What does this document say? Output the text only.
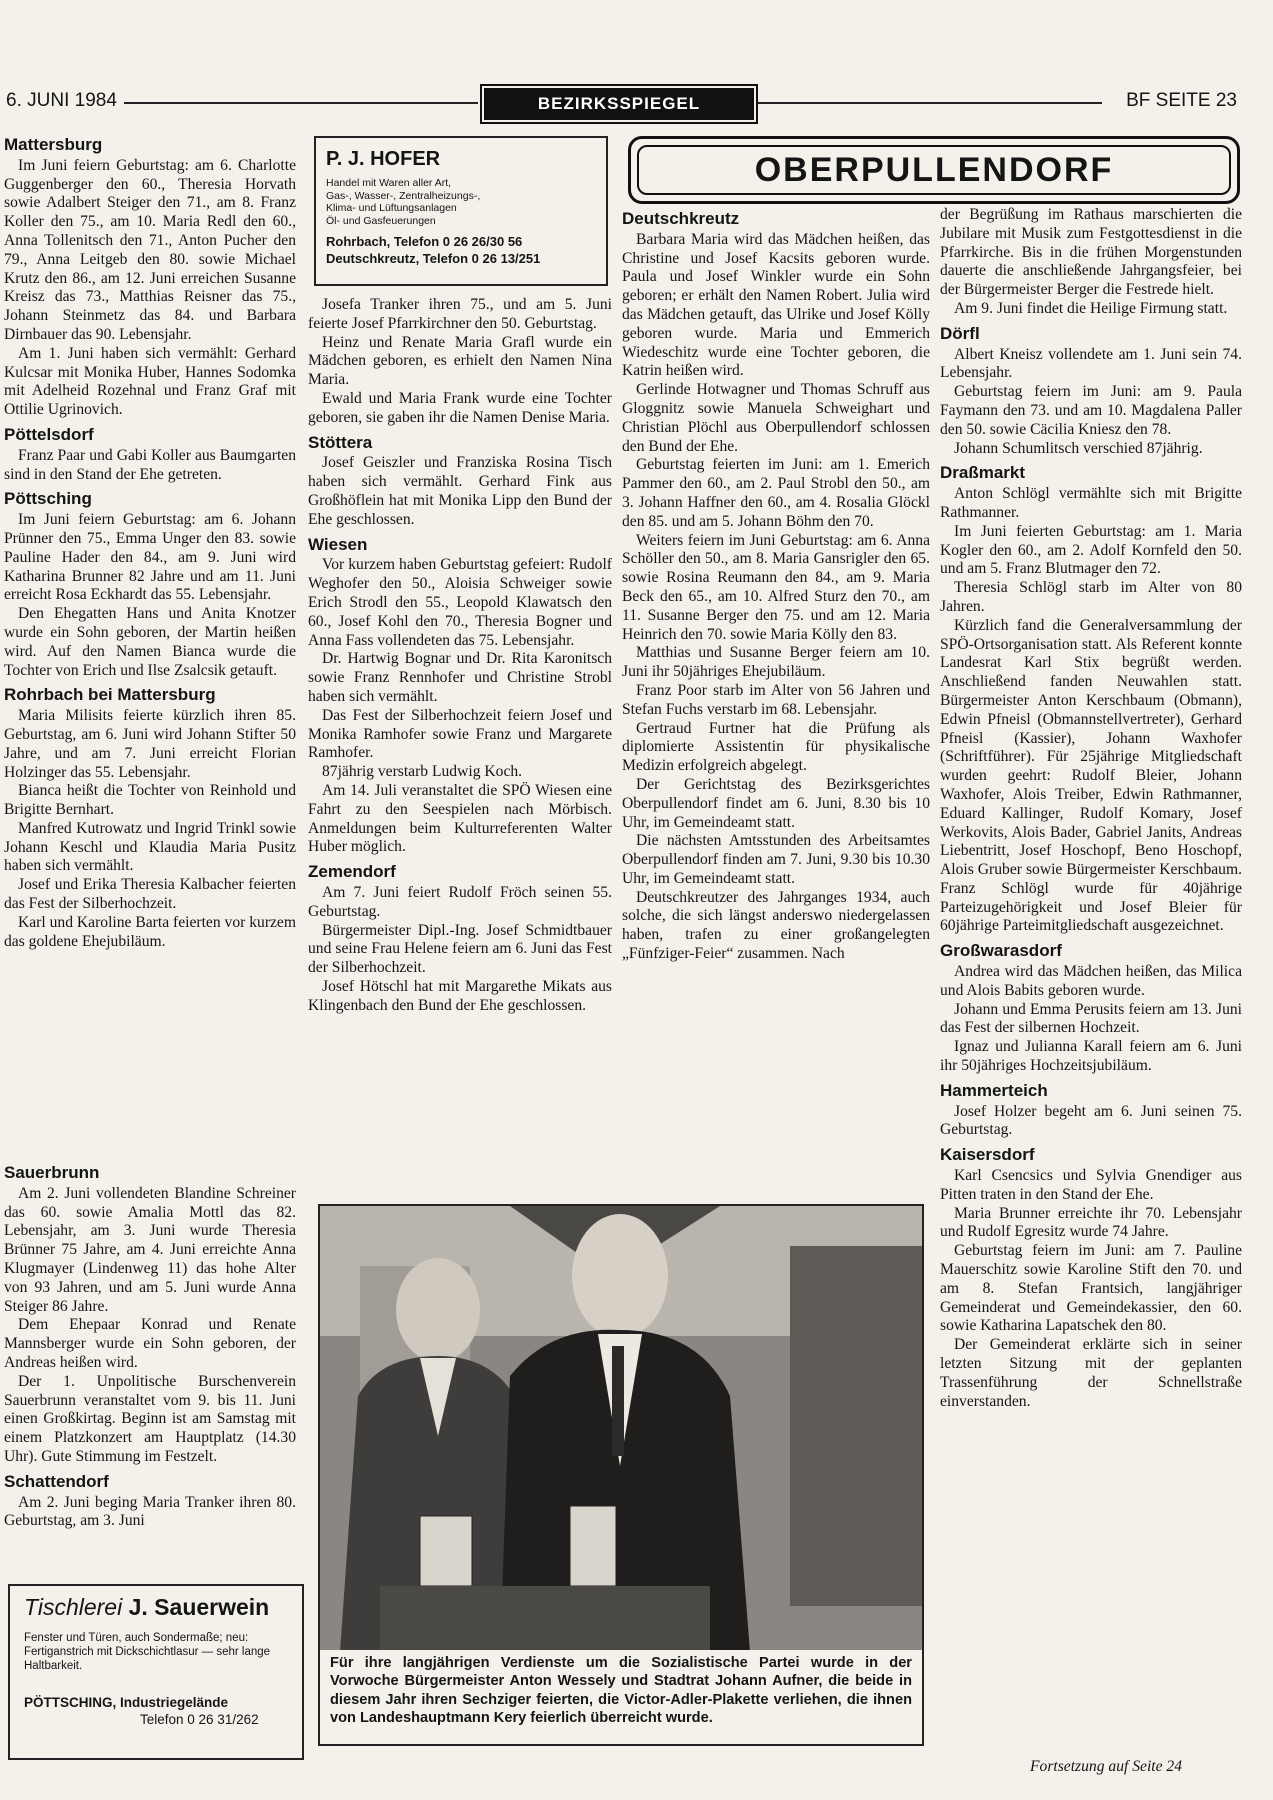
6. JUNI 1984	BEZIRKSSPIEGEL	BF SEITE 23
Mattersburg

Im Juni feiern Geburtstag: am 6. Charlotte Guggenberger den 60., Theresia Horvath sowie Adalbert Steiger den 71., am 8. Franz Koller den 75., am 10. Maria Redl den 60., Anna Tollenitsch den 71., Anton Pucher den 79., Anna Leitgeb den 80. sowie Michael Krutz den 86., am 12. Juni erreichen Susanne Kreisz das 73., Matthias Reisner das 75., Johann Steinmetz das 84. und Barbara Dirnbauer das 90. Lebensjahr.

Am 1. Juni haben sich vermählt: Gerhard Kulcsar mit Monika Huber, Hannes Sodomka mit Adelheid Rozehnal und Franz Graf mit Ottilie Ugrinovich.

Pöttelsdorf

Franz Paar und Gabi Koller aus Baumgarten sind in den Stand der Ehe getreten.

Pöttsching

Im Juni feiern Geburtstag: am 6. Johann Prünner den 75., Emma Unger den 83. sowie Pauline Hader den 84., am 9. Juni wird Katharina Brunner 82 Jahre und am 11. Juni erreicht Rosa Eckhardt das 55. Lebensjahr.

Den Ehegatten Hans und Anita Knotzer wurde ein Sohn geboren, der Martin heißen wird. Auf den Namen Bianca wurde die Tochter von Erich und Ilse Zsalcsik getauft.

Rohrbach bei Mattersburg

Maria Milisits feierte kürzlich ihren 85. Geburtstag, am 6. Juni wird Johann Stifter 50 Jahre, und am 7. Juni erreicht Florian Holzinger das 55. Lebensjahr.

Bianca heißt die Tochter von Reinhold und Brigitte Bernhart.

Manfred Kutrowatz und Ingrid Trinkl sowie Johann Keschl und Klaudia Maria Pusitz haben sich vermählt.

Josef und Erika Theresia Kalbacher feierten das Fest der Silberhochzeit.

Karl und Karoline Barta feierten vor kurzem das goldene Ehejubiläum.

Sauerbrunn

Am 2. Juni vollendeten Blandine Schreiner das 60. sowie Amalia Mottl das 82. Lebensjahr, am 3. Juni wurde Theresia Brünner 75 Jahre, am 4. Juni erreichte Anna Klugmayer (Lindenweg 11) das hohe Alter von 93 Jahren, und am 5. Juni wurde Anna Steiger 86 Jahre.

Dem Ehepaar Konrad und Renate Mannsberger wurde ein Sohn geboren, der Andreas heißen wird.

Der 1. Unpolitische Burschenverein Sauerbrunn veranstaltet vom 9. bis 11. Juni einen Großkirtag. Beginn ist am Samstag mit einem Platzkonzert am Hauptplatz (14.30 Uhr). Gute Stimmung im Festzelt.

Schattendorf

Am 2. Juni beging Maria Tranker ihren 80. Geburtstag, am 3. Juni

P. J. HOFER
Handel mit Waren aller Art,
Gas-, Wasser-, Zentralheizungs-,
Klima- und Lüftungsanlagen
Öl- und Gasfeuerungen
Rohrbach, Telefon 0 26 26/30 56
Deutschkreutz, Telefon 0 26 13/251

Josefa Tranker ihren 75., und am 5. Juni feierte Josef Pfarrkirchner den 50. Geburtstag.

Heinz und Renate Maria Grafl wurde ein Mädchen geboren, es erhielt den Namen Nina Maria.

Ewald und Maria Frank wurde eine Tochter geboren, sie gaben ihr die Namen Denise Maria.

Stöttera

Josef Geiszler und Franziska Rosina Tisch haben sich vermählt. Gerhard Fink aus Großhöflein hat mit Monika Lipp den Bund der Ehe geschlossen.

Wiesen

Vor kurzem haben Geburtstag gefeiert: Rudolf Weghofer den 50., Aloisia Schweiger sowie Erich Strodl den 55., Leopold Klawatsch den 60., Josef Kohl den 70., Theresia Bogner und Anna Fass vollendeten das 75. Lebensjahr.

Dr. Hartwig Bognar und Dr. Rita Karonitsch sowie Franz Rennhofer und Christine Strobl haben sich vermählt.

Das Fest der Silberhochzeit feiern Josef und Monika Ramhofer sowie Franz und Margarete Ramhofer.

87jährig verstarb Ludwig Koch.

Am 14. Juli veranstaltet die SPÖ Wiesen eine Fahrt zu den Seespielen nach Mörbisch. Anmeldungen beim Kulturreferenten Walter Huber möglich.

Zemendorf

Am 7. Juni feiert Rudolf Fröch seinen 55. Geburtstag.

Bürgermeister Dipl.-Ing. Josef Schmidtbauer und seine Frau Helene feiern am 6. Juni das Fest der Silberhochzeit.

Josef Hötschl hat mit Margarethe Mikats aus Klingenbach den Bund der Ehe geschlossen.

OBERPULLENDORF
Deutschkreutz

Barbara Maria wird das Mädchen heißen, das Christine und Josef Kacsits geboren wurde. Paula und Josef Winkler wurde ein Sohn geboren; er erhält den Namen Robert. Julia wird das Mädchen getauft, das Ulrike und Josef Kölly geboren wurde. Maria und Emmerich Wiedeschitz wurde eine Tochter geboren, die Katrin heißen wird.

Gerlinde Hotwagner und Thomas Schruff aus Gloggnitz sowie Manuela Schweighart und Christian Plöchl aus Oberpullendorf schlossen den Bund der Ehe.

Geburtstag feierten im Juni: am 1. Emerich Pammer den 60., am 2. Paul Strobl den 50., am 3. Johann Haffner den 60., am 4. Rosalia Glöckl den 85. und am 5. Johann Böhm den 70.

Weiters feiern im Juni Geburtstag: am 6. Anna Schöller den 50., am 8. Maria Gansrigler den 65. sowie Rosina Reumann den 84., am 9. Maria Beck den 65., am 10. Alfred Sturz den 70., am 11. Susanne Berger den 75. und am 12. Maria Heinrich den 70. sowie Maria Kölly den 83.

Matthias und Susanne Berger feiern am 10. Juni ihr 50jähriges Ehejubiläum.

Franz Poor starb im Alter von 56 Jahren und Stefan Fuchs verstarb im 68. Lebensjahr.

Gertraud Furtner hat die Prüfung als diplomierte Assistentin für physikalische Medizin erfolgreich abgelegt.

Der Gerichtstag des Bezirksgerichtes Oberpullendorf findet am 6. Juni, 8.30 bis 10 Uhr, im Gemeindeamt statt.

Die nächsten Amtsstunden des Arbeitsamtes Oberpullendorf finden am 7. Juni, 9.30 bis 10.30 Uhr, im Gemeindeamt statt.

Deutschkreutzer des Jahrganges 1934, auch solche, die sich längst anderswo niedergelassen haben, trafen zu einer großangelegten „Fünfziger-Feier“ zusammen. Nach

der Begrüßung im Rathaus marschierten die Jubilare mit Musik zum Festgottesdienst in die Pfarrkirche. Bis in die frühen Morgenstunden dauerte die anschließende Jahrgangsfeier, bei der Bürgermeister Berger die Festrede hielt.

Am 9. Juni findet die Heilige Firmung statt.

Dörfl

Albert Kneisz vollendete am 1. Juni sein 74. Lebensjahr.

Geburtstag feiern im Juni: am 9. Paula Faymann den 73. und am 10. Magdalena Paller den 50. sowie Cäcilia Kniesz den 78.

Johann Schumlitsch verschied 87jährig.

Draßmarkt

Anton Schlögl vermählte sich mit Brigitte Rathmanner.

Im Juni feierten Geburtstag: am 1. Maria Kogler den 60., am 2. Adolf Kornfeld den 50. und am 5. Franz Blutmager den 72.

Theresia Schlögl starb im Alter von 80 Jahren.

Kürzlich fand die Generalversammlung der SPÖ-Ortsorganisation statt. Als Referent konnte Landesrat Karl Stix begrüßt werden. Anschließend fanden Neuwahlen statt. Bürgermeister Anton Kerschbaum (Obmann), Edwin Pfneisl (Obmannstellvertreter), Gerhard Pfneisl (Kassier), Johann Waxhofer (Schriftführer). Für 25jährige Mitgliedschaft wurden geehrt: Rudolf Bleier, Johann Waxhofer, Alois Treiber, Edwin Rathmanner, Eduard Kallinger, Rudolf Komary, Josef Werkovits, Alois Bader, Gabriel Janits, Andreas Liebentritt, Josef Hoschopf, Beno Hoschopf, Alois Gruber sowie Bürgermeister Kerschbaum. Franz Schlögl wurde für 40jährige Parteizugehörigkeit und Josef Bleier für 60jährige Parteimitgliedschaft ausgezeichnet.

Großwarasdorf

Andrea wird das Mädchen heißen, das Milica und Alois Babits geboren wurde.

Johann und Emma Perusits feiern am 13. Juni das Fest der silbernen Hochzeit.

Ignaz und Julianna Karall feiern am 6. Juni ihr 50jähriges Hochzeitsjubiläum.

Hammerteich

Josef Holzer begeht am 6. Juni seinen 75. Geburtstag.

Kaisersdorf

Karl Csencsics und Sylvia Gnendiger aus Pitten traten in den Stand der Ehe.

Maria Brunner erreichte ihr 70. Lebensjahr und Rudolf Egresitz wurde 74 Jahre.

Geburtstag feiern im Juni: am 7. Pauline Mauerschitz sowie Karoline Stift den 70. und am 8. Stefan Frantsich, langjähriger Gemeinderat und Gemeindekassier, den 60. sowie Katharina Lapatschek den 80.

Der Gemeinderat erklärte sich in seiner letzten Sitzung mit der geplanten Trassenführung der Schnellstraße einverstanden.

Fortsetzung auf Seite 24
Für ihre langjährigen Verdienste um die Sozialistische Partei wurde in der Vorwoche Bürgermeister Anton Wessely und Stadtrat Johann Aufner, die beide in diesem Jahr ihren Sechziger feierten, die Victor-Adler-Plakette verliehen, die ihnen von Landeshauptmann Kery feierlich überreicht wurde.
Tischlerei J. Sauerwein
Fenster und Türen, auch Sondermaße; neu: Fertiganstrich mit Dickschichtlasur — sehr lange Haltbarkeit.
PÖTTSCHING, Industriegelände
Telefon 0 26 31/262
